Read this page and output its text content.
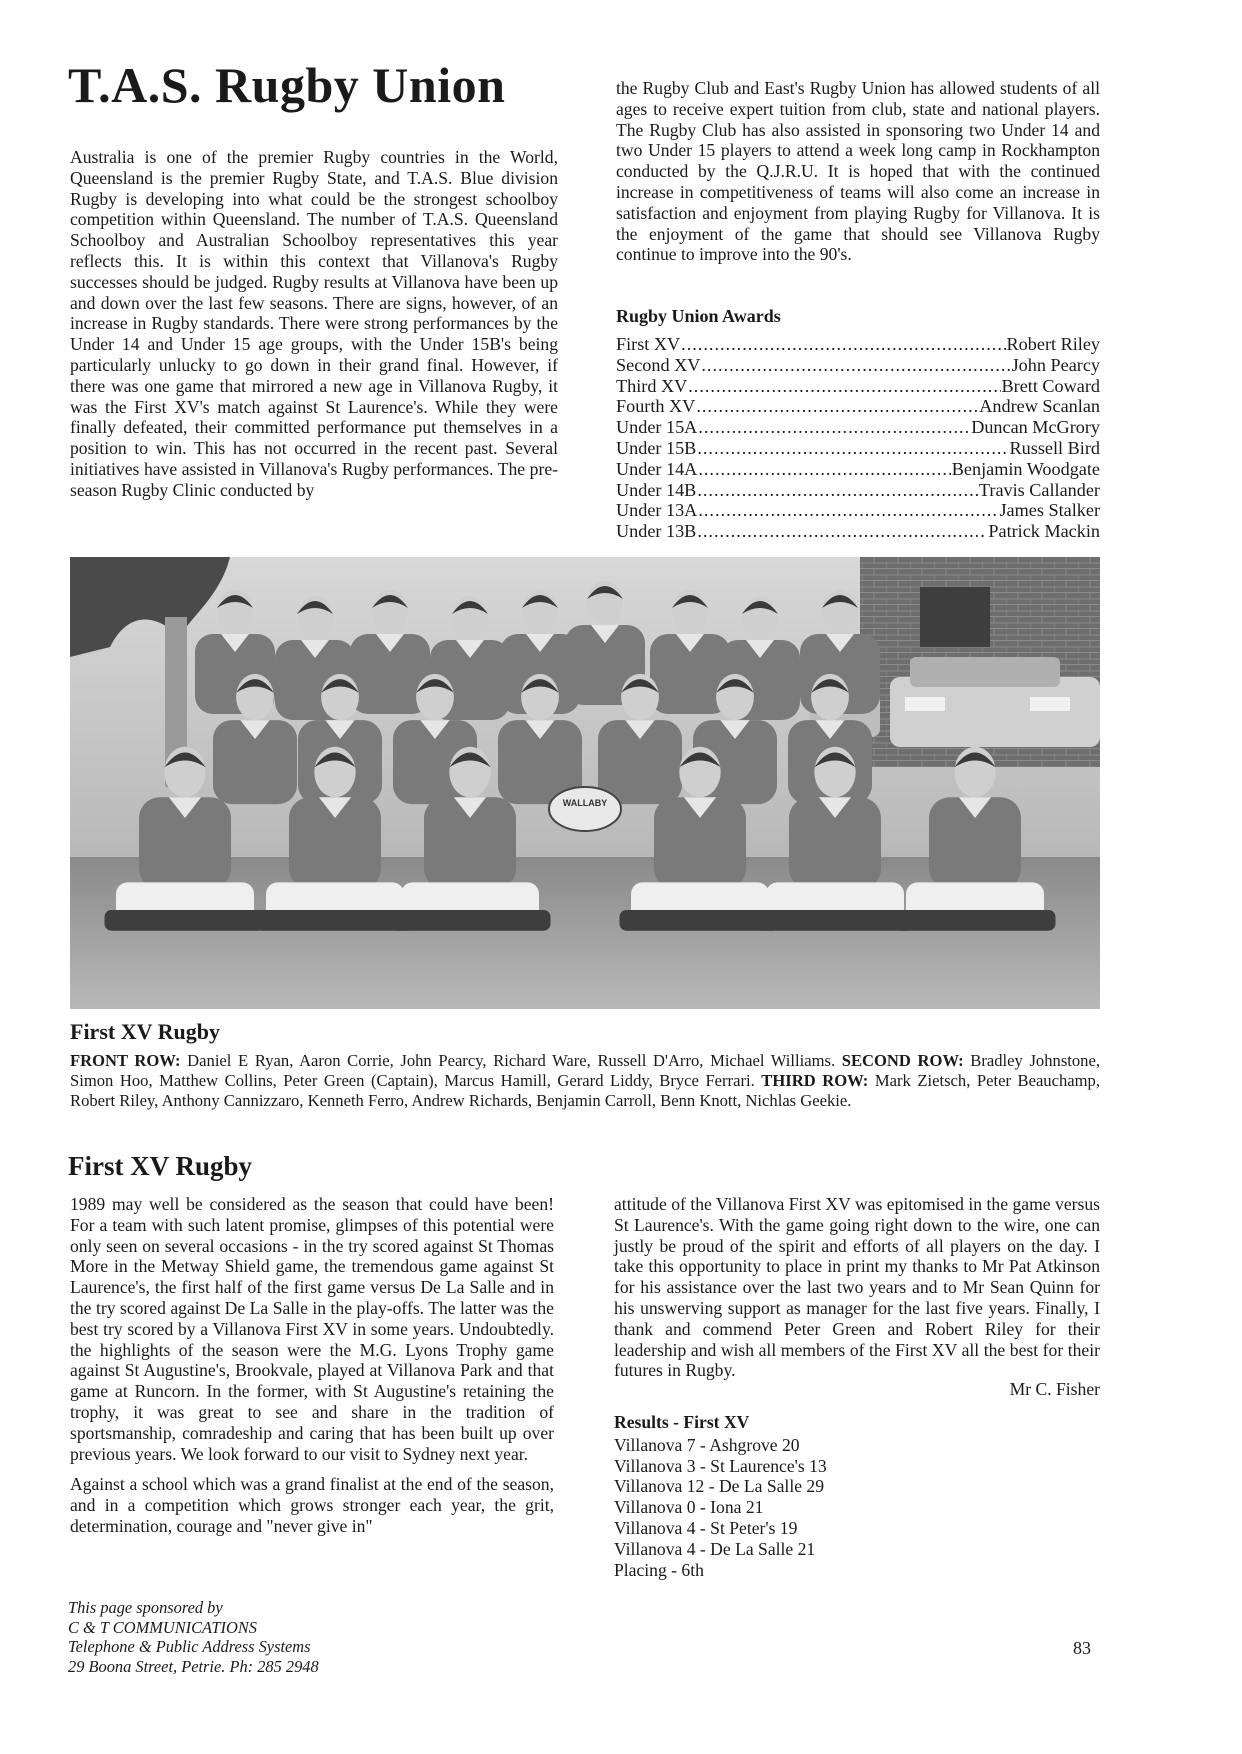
T.A.S. Rugby Union

Australia is one of the premier Rugby countries in the World, Queensland is the premier Rugby State, and T.A.S. Blue division Rugby is developing into what could be the strongest schoolboy competition within Queensland. The number of T.A.S. Queensland Schoolboy and Australian Schoolboy representatives this year reflects this. It is within this context that Villanova's Rugby successes should be judged. Rugby results at Villanova have been up and down over the last few seasons. There are signs, however, of an increase in Rugby standards. There were strong performances by the Under 14 and Under 15 age groups, with the Under 15B's being particularly unlucky to go down in their grand final. However, if there was one game that mirrored a new age in Villanova Rugby, it was the First XV's match against St Laurence's. While they were finally defeated, their committed performance put themselves in a position to win. This has not occurred in the recent past. Several initiatives have assisted in Villanova's Rugby performances. The pre-season Rugby Clinic conducted by

the Rugby Club and East's Rugby Union has allowed students of all ages to receive expert tuition from club, state and national players. The Rugby Club has also assisted in sponsoring two Under 14 and two Under 15 players to attend a week long camp in Rockhampton conducted by the Q.J.R.U. It is hoped that with the continued increase in competitiveness of teams will also come an increase in satisfaction and enjoyment from playing Rugby for Villanova. It is the enjoyment of the game that should see Villanova Rugby continue to improve into the 90's.

Rugby Union Awards
First XV .....	Robert Riley
Second XV .....	John Pearcy
Third XV .....	Brett Coward
Fourth XV .....	Andrew Scanlan
Under 15A .....	Duncan McGrory
Under 15B .....	Russell Bird
Under 14A .....	Benjamin Woodgate
Under 14B .....	Travis Callander
Under 13A .....	James Stalker
Under 13B .....	Patrick Mackin
WALLABY
First XV Rugby
FRONT ROW: Daniel E Ryan, Aaron Corrie, John Pearcy, Richard Ware, Russell D'Arro, Michael Williams. SECOND ROW: Bradley Johnstone, Simon Hoo, Matthew Collins, Peter Green (Captain), Marcus Hamill, Gerard Liddy, Bryce Ferrari. THIRD ROW: Mark Zietsch, Peter Beauchamp, Robert Riley, Anthony Cannizzaro, Kenneth Ferro, Andrew Richards, Benjamin Carroll, Benn Knott, Nichlas Geekie.
First XV Rugby

1989 may well be considered as the season that could have been! For a team with such latent promise, glimpses of this potential were only seen on several occasions - in the try scored against St Thomas More in the Metway Shield game, the tremendous game against St Laurence's, the first half of the first game versus De La Salle and in the try scored against De La Salle in the play-offs. The latter was the best try scored by a Villanova First XV in some years. Undoubtedly. the highlights of the season were the M.G. Lyons Trophy game against St Augustine's, Brookvale, played at Villanova Park and that game at Runcorn. In the former, with St Augustine's retaining the trophy, it was great to see and share in the tradition of sportsmanship, comradeship and caring that has been built up over previous years. We look forward to our visit to Sydney next year.

Against a school which was a grand finalist at the end of the season, and in a competition which grows stronger each year, the grit, determination, courage and "never give in"

attitude of the Villanova First XV was epitomised in the game versus St Laurence's. With the game going right down to the wire, one can justly be proud of the spirit and efforts of all players on the day. I take this opportunity to place in print my thanks to Mr Pat Atkinson for his assistance over the last two years and to Mr Sean Quinn for his unswerving support as manager for the last five years. Finally, I thank and commend Peter Green and Robert Riley for their leadership and wish all members of the First XV all the best for their futures in Rugby.

Mr C. Fisher
Results - First XV
Villanova 7 - Ashgrove 20
Villanova 3 - St Laurence's 13
Villanova 12 - De La Salle 29
Villanova 0 - Iona 21
Villanova 4 - St Peter's 19
Villanova 4 - De La Salle 21
Placing - 6th
This page sponsored by
C & T COMMUNICATIONS
Telephone & Public Address Systems
29 Boona Street, Petrie. Ph: 285 2948
83
